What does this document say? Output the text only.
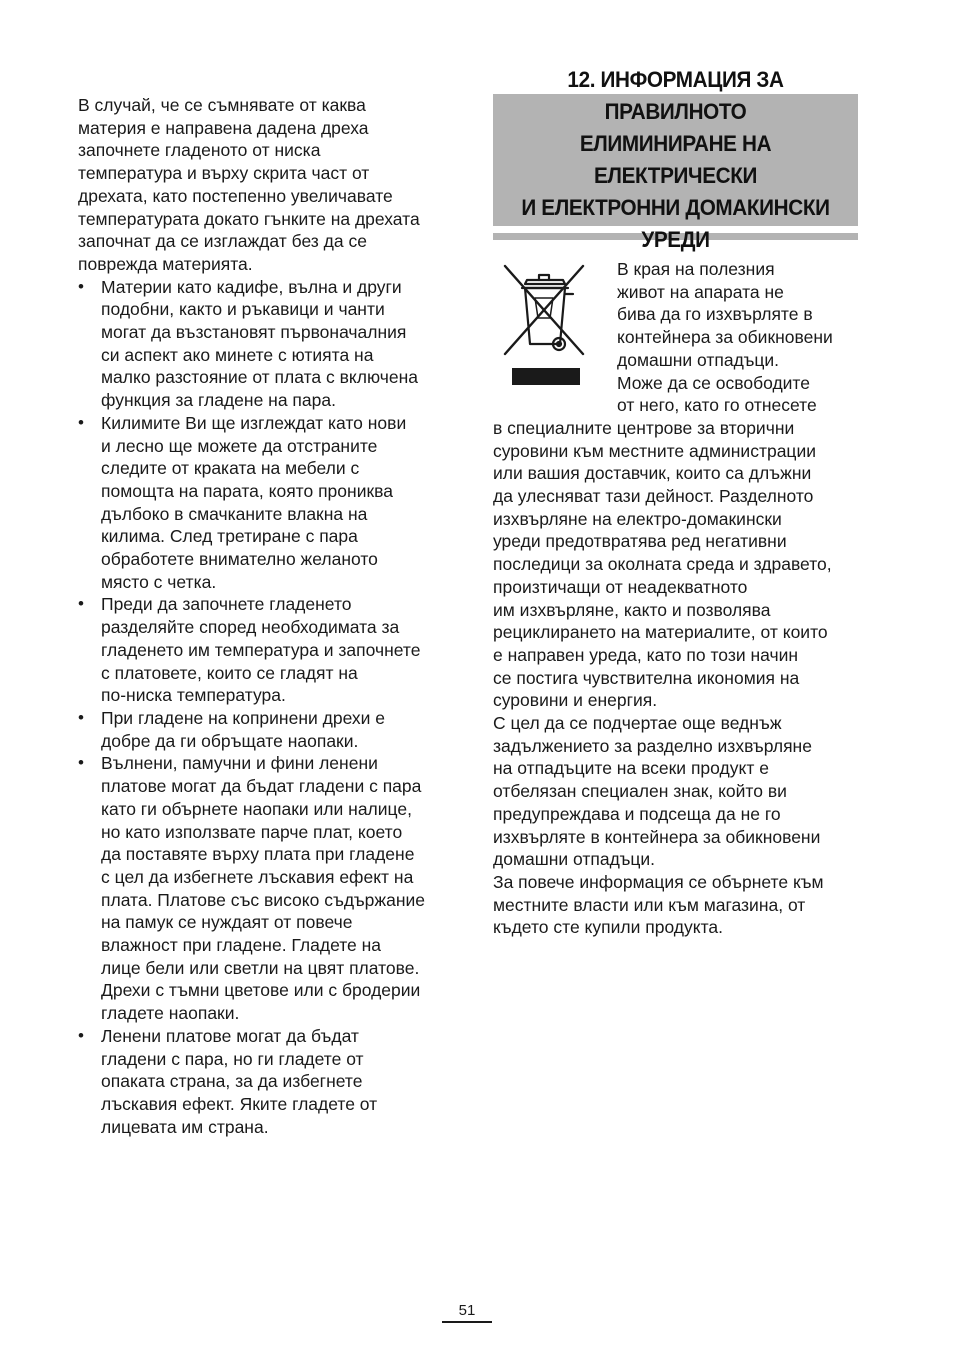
В случай, че се съмнявате от каква
материя е направена дадена дреха
започнете гладеното от ниска
температура и върху скрита част от
дрехата, като постепенно увеличавате
температурата докато гънките на дрехата
започнат да се изглаждат без да се
поврежда материята.

• Материи като кадифе, вълна и други
подобни, както и ръкавици и чанти
могат да възстановят първоначалния
си аспект ако минете с ютията на
малко разстояние от плата с включена
функция за гладене на пара.
• Килимите Ви ще изглеждат като нови
и лесно ще можете да отстраните
следите от краката на мебели с
помощта на парата, която прониква
дълбоко в смачканите влакна на
килима. След третиране с пара
обработете внимателно желаното
място с четка.
• Преди да започнете гладенето
разделяйте според необходимата за
гладенето им температура и започнете
с платовете, които се гладят на
по-ниска температура.
• При гладене на копринени дрехи е
добре да ги обръщате наопаки.
• Вълнени, памучни и фини ленени
платове могат да бъдат гладени с пара
като ги обърнете наопаки или налице,
но като използвате парче плат, което
да поставяте върху плата при гладене
с цел да избегнете лъскавия ефект на
плата. Платове със високо съдържание
на памук се нуждаят от повече
влажност при гладене. Гладете на
лице бели или светли на цвят платове.
Дрехи с тъмни цветове или с бродерии
гладете наопаки.
• Ленени платове могат да бъдат
гладени с пара, но ги гладете от
опаката страна, за да избегнете
лъскавия ефект. Яките гладете от
лицевата им страна.
12. ИНФОРМАЦИЯ ЗА ПРАВИЛНОТО
ЕЛИМИНИРАНЕ НА ЕЛЕКТРИЧЕСКИ
И ЕЛЕКТРОННИ ДОМАКИНСКИ
УРЕДИ

В края на полезния
живот на апарата не
бива да го изхвърляте в
контейнера за обикновени
домашни отпадъци.
Може да се освободите
от него, като го отнесете
в специалните центрове за вторични
суровини към местните администрации
или вашия доставчик, които са длъжни
да улесняват тази дейност. Разделното
изхвърляне на електро-домакински
уреди предотвратява ред негативни
последици за околната среда и здравето,
произтичащи от неадекватното
им изхвърляне, както и позволява
рециклирането на материалите, от които
е направен уреда, като по този начин
се постига чувствителна икономия на
суровини и енергия.
С цел да се подчертае още веднъж
задължението за разделно изхвърляне
на отпадъците на всеки продукт е
отбелязан специален знак, който ви
предупреждава и подсеща да не го
изхвърляте в контейнера за обикновени
домашни отпадъци.
За повече информация се обърнете към
местните власти или към магазина, от
където сте купили продукта.

51
